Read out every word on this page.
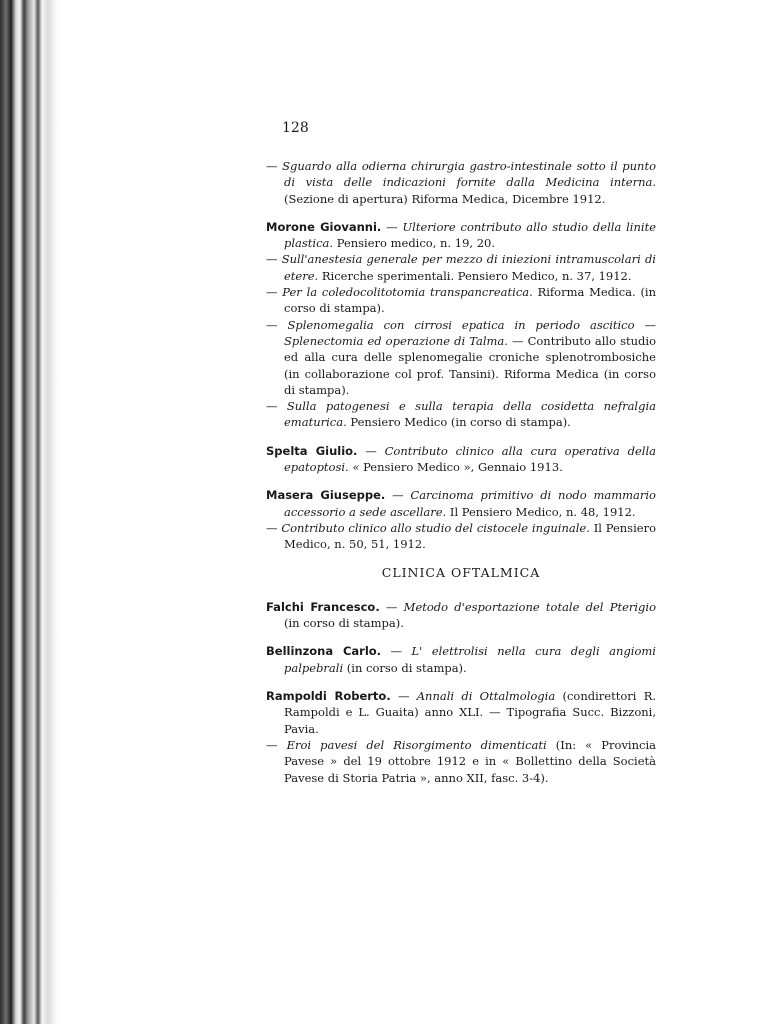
128

— Sguardo alla odierna chirurgia gastro-intestinale sotto il punto di vista delle indicazioni fornite dalla Medicina interna. (Sezione di apertura) Riforma Medica, Dicembre 1912.

Morone Giovanni. — Ulteriore contributo allo studio della linite plastica. Pensiero medico, n. 19, 20.

— Sull'anestesia generale per mezzo di iniezioni intramuscolari di etere. Ricerche sperimentali. Pensiero Medico, n. 37, 1912.

— Per la coledocolitotomia transpancreatica. Riforma Medica. (in corso di stampa).

— Splenomegalia con cirrosi epatica in periodo ascitico — Splenectomia ed operazione di Talma. — Contributo allo studio ed alla cura delle splenomegalie croniche splenotrombosiche (in collaborazione col prof. Tansini). Riforma Medica (in corso di stampa).

— Sulla patogenesi e sulla terapia della cosidetta nefralgia ematurica. Pensiero Medico (in corso di stampa).

Spelta Giulio. — Contributo clinico alla cura operativa della epatoptosi. « Pensiero Medico », Gennaio 1913.

Masera Giuseppe. — Carcinoma primitivo di nodo mammario accessorio a sede ascellare. Il Pensiero Medico, n. 48, 1912.

— Contributo clinico allo studio del cistocele inguinale. Il Pensiero Medico, n. 50, 51, 1912.

CLINICA OFTALMICA

Falchi Francesco. — Metodo d'esportazione totale del Pterigio (in corso di stampa).

Bellinzona Carlo. — L' elettrolisi nella cura degli angiomi palpebrali (in corso di stampa).

Rampoldi Roberto. — Annali di Ottalmologia (condirettori R. Rampoldi e L. Guaita) anno XLI. — Tipografia Succ. Bizzoni, Pavia.

— Eroi pavesi del Risorgimento dimenticati (In: « Provincia Pavese » del 19 ottobre 1912 e in « Bollettino della Società Pavese di Storia Patria », anno XII, fasc. 3-4).
